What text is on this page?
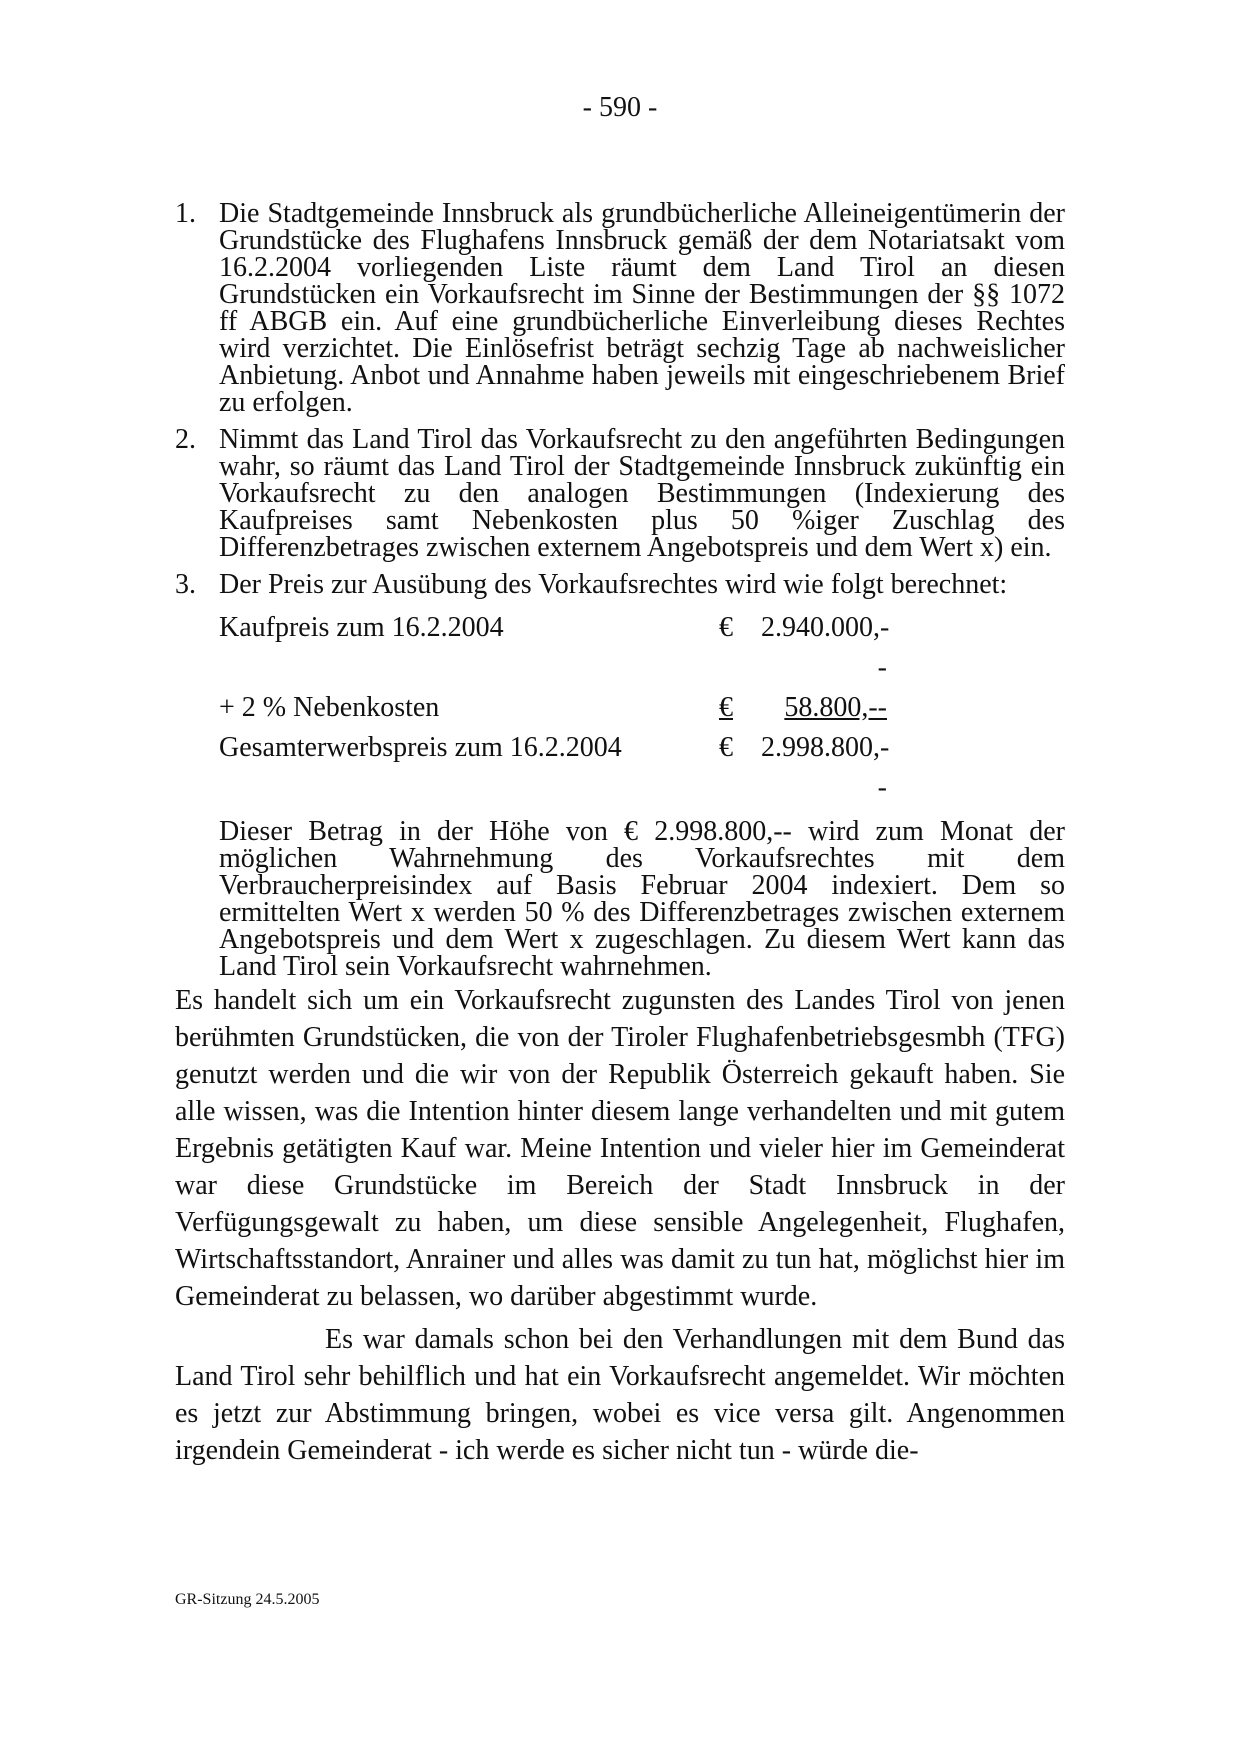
- 590 -
1. Die Stadtgemeinde Innsbruck als grundbücherliche Alleineigentümerin der Grundstücke des Flughafens Innsbruck gemäß der dem Notariatsakt vom 16.2.2004 vorliegenden Liste räumt dem Land Tirol an diesen Grundstücken ein Vorkaufsrecht im Sinne der Bestimmungen der §§ 1072 ff ABGB ein. Auf eine grundbücherliche Einverleibung dieses Rechtes wird verzichtet. Die Einlösefrist beträgt sechzig Tage ab nachweislicher Anbietung. Anbot und Annahme haben jeweils mit eingeschriebenem Brief zu erfolgen.
2. Nimmt das Land Tirol das Vorkaufsrecht zu den angeführten Bedingungen wahr, so räumt das Land Tirol der Stadtgemeinde Innsbruck zukünftig ein Vorkaufsrecht zu den analogen Bestimmungen (Indexierung des Kaufpreises samt Nebenkosten plus 50 %iger Zuschlag des Differenzbetrages zwischen externem Angebotspreis und dem Wert x) ein.
3. Der Preis zur Ausübung des Vorkaufsrechtes wird wie folgt berechnet:
Kaufpreis zum 16.2.2004	€	2.940.000,--
+ 2 % Nebenkosten	€	58.800,--
Gesamterwerbspreis zum 16.2.2004	€	2.998.800,--
Dieser Betrag in der Höhe von € 2.998.800,-- wird zum Monat der möglichen Wahrnehmung des Vorkaufsrechtes mit dem Verbraucherpreisindex auf Basis Februar 2004 indexiert. Dem so ermittelten Wert x werden 50 % des Differenzbetrages zwischen externem Angebotspreis und dem Wert x zugeschlagen. Zu diesem Wert kann das Land Tirol sein Vorkaufsrecht wahrnehmen.

Es handelt sich um ein Vorkaufsrecht zugunsten des Landes Tirol von jenen berühmten Grundstücken, die von der Tiroler Flughafenbetriebsgesmbh (TFG) genutzt werden und die wir von der Republik Österreich gekauft haben. Sie alle wissen, was die Intention hinter diesem lange verhandelten und mit gutem Ergebnis getätigten Kauf war. Meine Intention und vieler hier im Gemeinderat war diese Grundstücke im Bereich der Stadt Innsbruck in der Verfügungsgewalt zu haben, um diese sensible Angelegenheit, Flughafen, Wirtschaftsstandort, Anrainer und alles was damit zu tun hat, möglichst hier im Gemeinderat zu belassen, wo darüber abgestimmt wurde.

Es war damals schon bei den Verhandlungen mit dem Bund das Land Tirol sehr behilflich und hat ein Vorkaufsrecht angemeldet. Wir möchten es jetzt zur Abstimmung bringen, wobei es vice versa gilt. Angenommen irgendein Gemeinderat - ich werde es sicher nicht tun - würde die-

GR-Sitzung 24.5.2005
